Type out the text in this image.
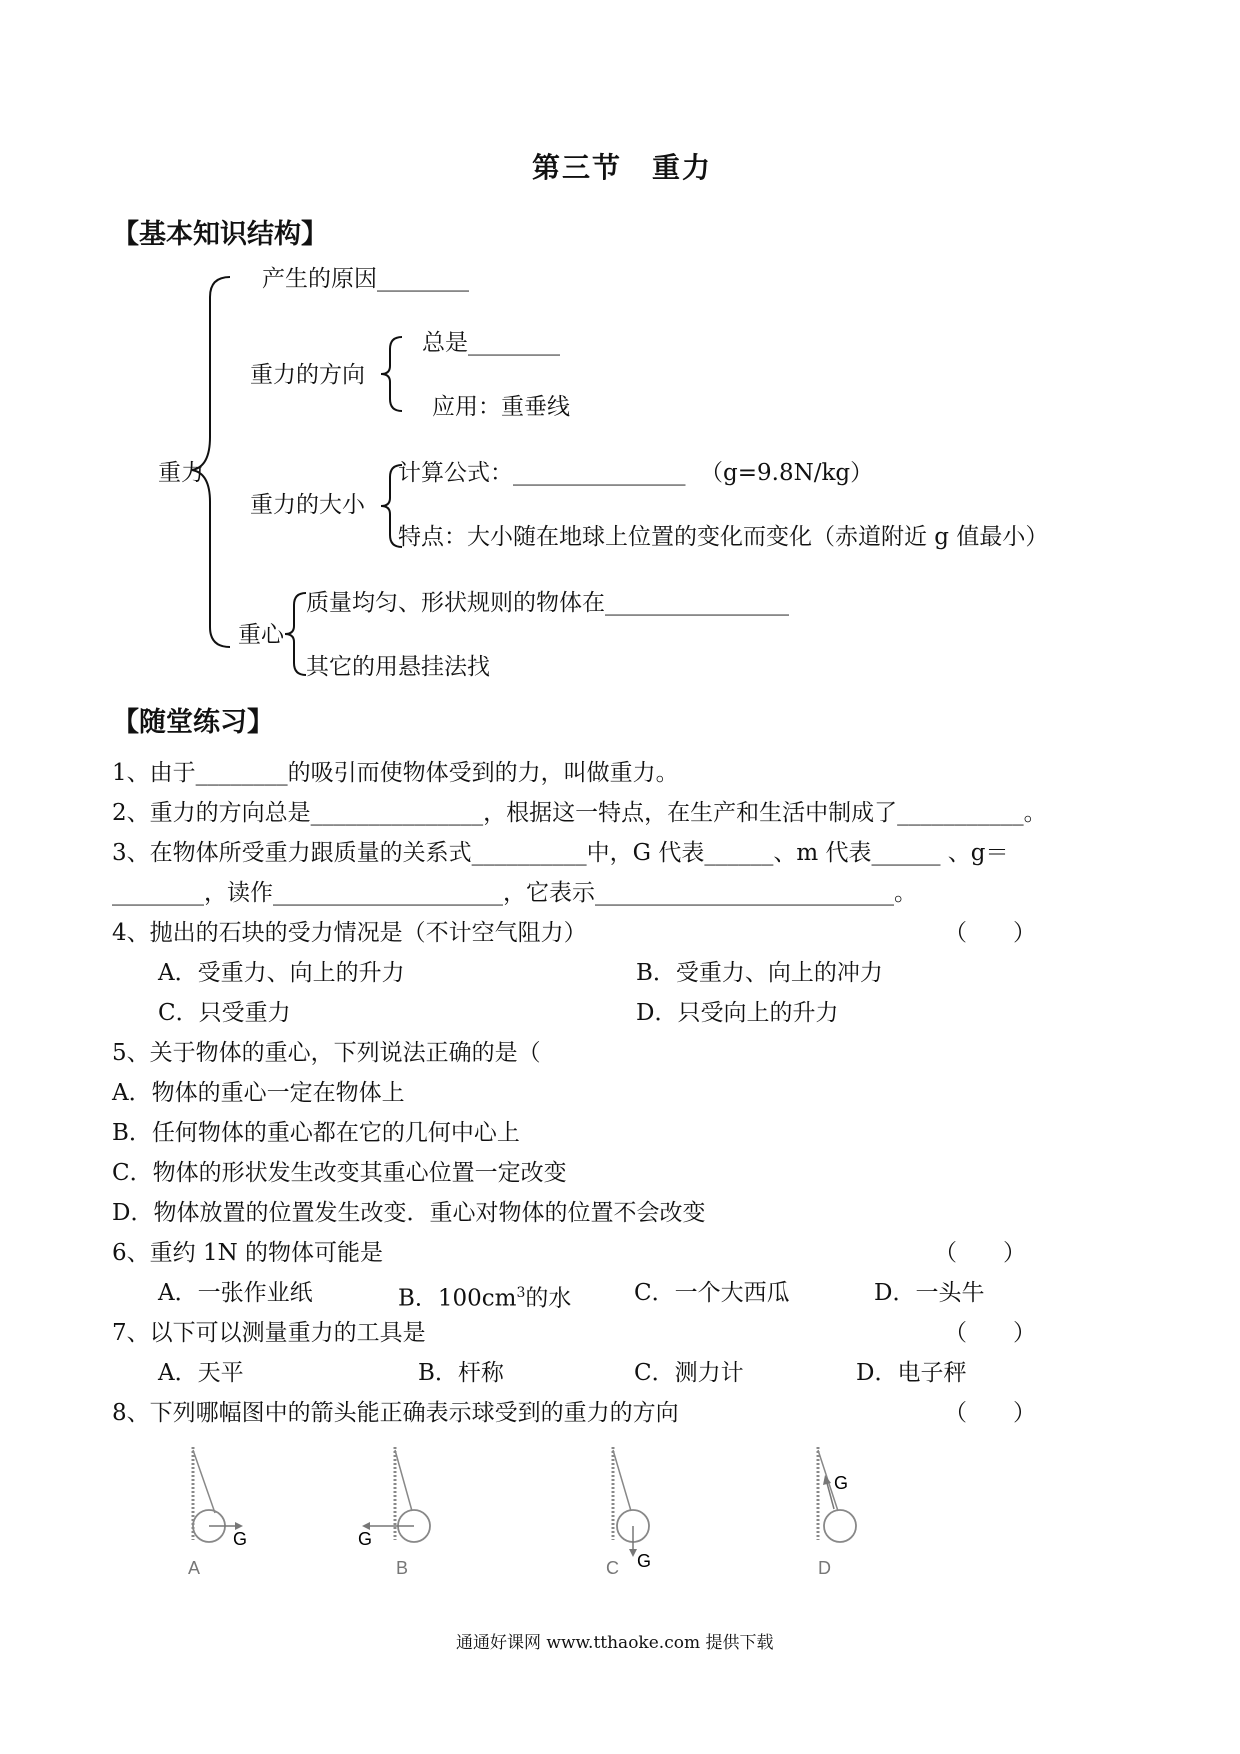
第三节　重力
【基本知识结构】
重力
产生的原因________
重力的方向
总是________
应用：重垂线
重力的大小
计算公式：_______________ （g=9.8N/kg）
特点：大小随在地球上位置的变化而变化（赤道附近 g 值最小）
重心
质量均匀、形状规则的物体在________________
其它的用悬挂法找
【随堂练习】
1、由于________的吸引而使物体受到的力，叫做重力。
2、重力的方向总是_______________，根据这一特点，在生产和生活中制成了___________。
3、在物体所受重力跟质量的关系式__________中，G 代表______、m 代表______ 、g＝
________，读作____________________，它表示__________________________。
4、抛出的石块的受力情况是（不计空气阻力）	（　　）
A．受重力、向上的升力	B．受重力、向上的冲力
C．只受重力	D．只受向上的升力
5、关于物体的重心，下列说法正确的是（
A．物体的重心一定在物体上
B．任何物体的重心都在它的几何中心上
C．物体的形状发生改变其重心位置一定改变
D．物体放置的位置发生改变．重心对物体的位置不会改变
6、重约 1N 的物体可能是	（　　）
A．一张作业纸	B．$100cm^3$的水	C．一个大西瓜	D．一头牛
7、以下可以测量重力的工具是	（　　）
A．天平	B．杆称	C．测力计	D．电子秤
8、下列哪幅图中的箭头能正确表示球受到的重力的方向	（　　）
G
A
G
B	G
C
G
D
通通好课网 www.tthaoke.com 提供下载
